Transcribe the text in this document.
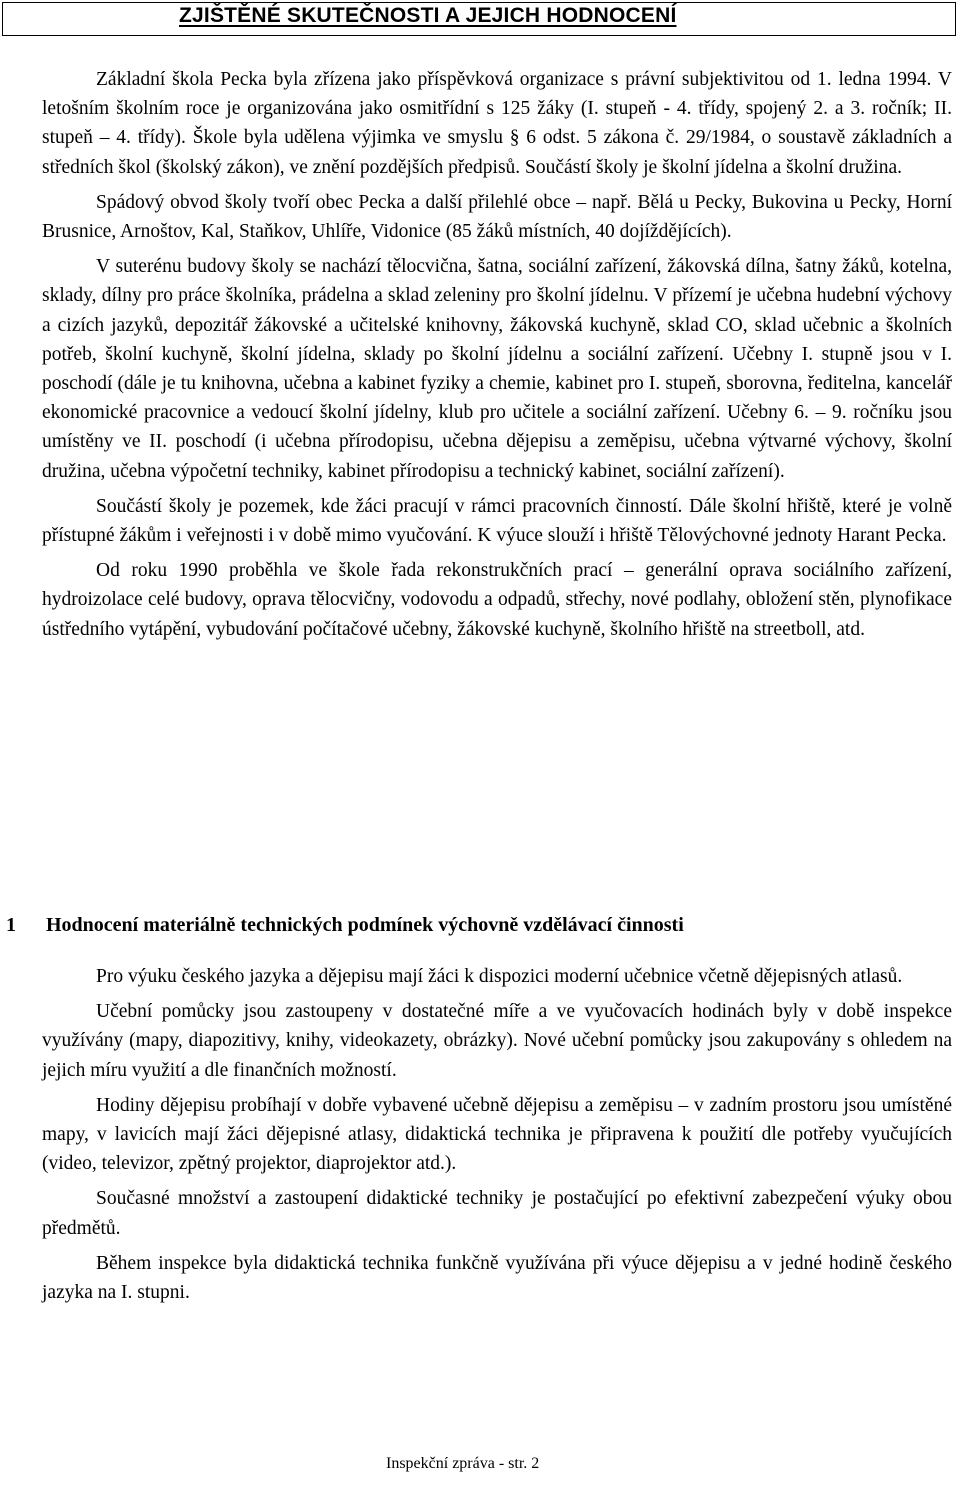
ZJIŠTĚNÉ SKUTEČNOSTI A JEJICH HODNOCENÍ

Základní škola Pecka byla zřízena jako příspěvková organizace s právní subjektivitou od 1. ledna 1994. V letošním školním roce je organizována jako osmitřídní s 125 žáky (I. stupeň - 4. třídy, spojený 2. a 3. ročník; II. stupeň – 4. třídy). Škole byla udělena výjimka ve smyslu § 6 odst. 5 zákona č. 29/1984, o soustavě základních a středních škol (školský zákon), ve znění pozdějších předpisů. Součástí školy je školní jídelna a školní družina.

Spádový obvod školy tvoří obec Pecka a další přilehlé obce – např. Bělá u Pecky, Bukovina u Pecky, Horní Brusnice, Arnoštov, Kal, Staňkov, Uhlíře, Vidonice (85 žáků místních, 40 dojíždějících).

V suterénu budovy školy se nachází tělocvična, šatna, sociální zařízení, žákovská dílna, šatny žáků, kotelna, sklady, dílny pro práce školníka, prádelna a sklad zeleniny pro školní jídelnu. V přízemí je učebna hudební výchovy a cizích jazyků, depozitář žákovské a učitelské knihovny, žákovská kuchyně, sklad CO, sklad učebnic a školních potřeb, školní kuchyně, školní jídelna, sklady po školní jídelnu a sociální zařízení. Učebny I. stupně jsou v I. poschodí (dále je tu knihovna, učebna a kabinet fyziky a chemie, kabinet pro I. stupeň, sborovna, ředitelna, kancelář ekonomické pracovnice a vedoucí školní jídelny, klub pro učitele a sociální zařízení. Učebny 6. – 9. ročníku jsou umístěny ve II. poschodí (i učebna přírodopisu, učebna dějepisu a zeměpisu, učebna výtvarné výchovy, školní družina, učebna výpočetní techniky, kabinet přírodopisu a technický kabinet, sociální zařízení).

Součástí školy je pozemek, kde žáci pracují v rámci pracovních činností. Dále školní hřiště, které je volně přístupné žákům i veřejnosti i v době mimo vyučování. K výuce slouží i hřiště Tělovýchovné jednoty Harant Pecka.

Od roku 1990 proběhla ve škole řada rekonstrukčních prací – generální oprava sociálního zařízení, hydroizolace celé budovy, oprava tělocvičny, vodovodu a odpadů, střechy, nové podlahy, obložení stěn, plynofikace ústředního vytápění, vybudování počítačové učebny, žákovské kuchyně, školního hřiště na streetboll, atd.

1 Hodnocení materiálně technických podmínek výchovně vzdělávací činnosti

Pro výuku českého jazyka a dějepisu mají žáci k dispozici moderní učebnice včetně dějepisných atlasů.

Učební pomůcky jsou zastoupeny v dostatečné míře a ve vyučovacích hodinách byly v době inspekce využívány (mapy, diapozitivy, knihy, videokazety, obrázky). Nové učební pomůcky jsou zakupovány s ohledem na jejich míru využití a dle finančních možností.

Hodiny dějepisu probíhají v dobře vybavené učebně dějepisu a zeměpisu – v zadním prostoru jsou umístěné mapy, v lavicích mají žáci dějepisné atlasy, didaktická technika je připravena k použití dle potřeby vyučujících (video, televizor, zpětný projektor, diaprojektor atd.).

Současné množství a zastoupení didaktické techniky je postačující po efektivní zabezpečení výuky obou předmětů.

Během inspekce byla didaktická technika funkčně využívána při výuce dějepisu a v jedné hodině českého jazyka na I. stupni.

Inspekční zpráva - str. 2
